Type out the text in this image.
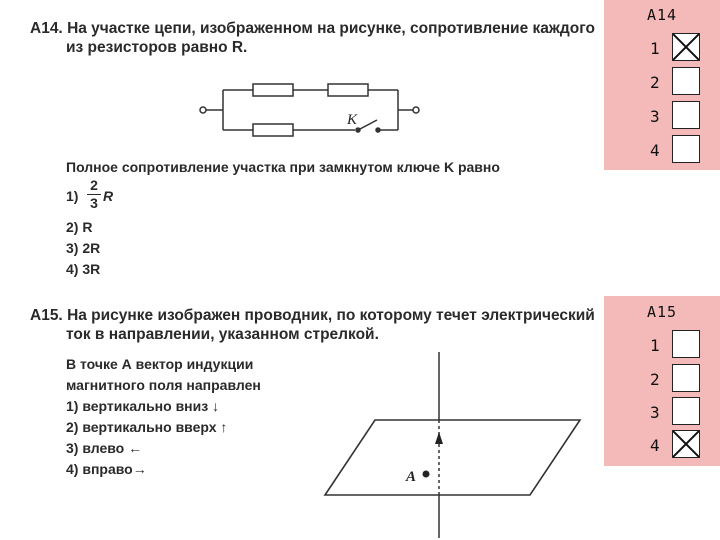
A14. На участке цепи, изображенном на рисунке, сопротивление каждого
из резисторов равно R.
K
Полное сопротивление участка при замкнутом ключе K равно
$1) \frac{2}{3}$ R
2) R
3) 2R
4) 3R
A14
1
2
3
4
A15. На рисунке изображен проводник, по которому течет электрический
ток в направлении, указанном стрелкой.
В точке А вектор индукции
магнитного поля направлен
1) вертикально вниз ↓
2) вертикально вверх ↑
3) влево ←
4) вправо→	A
A15
1
2
3
4
